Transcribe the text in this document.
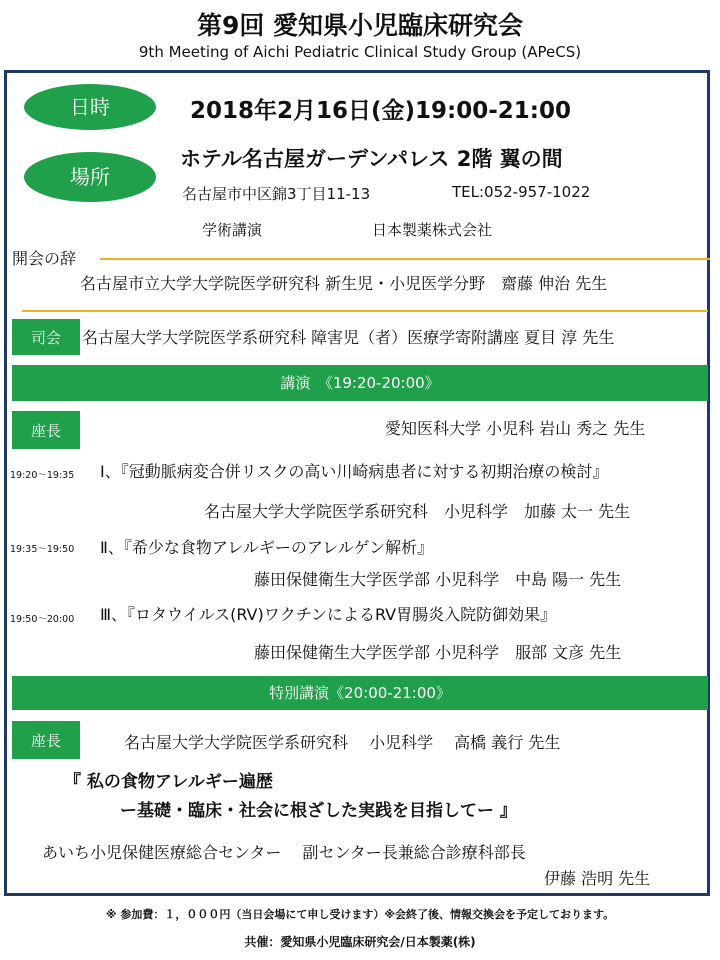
第9回 愛知県小児臨床研究会
9th Meeting of Aichi Pediatric Clinical Study Group (APeCS)
日時	2018年2月16日(金)19:00-21:00
場所
ホテル名古屋ガーデンパレス 2階 翼の間
名古屋市中区錦3丁目11-13	TEL:052-957-1022
学術講演	日本製薬株式会社
開会の辞
名古屋市立大学大学院医学研究科 新生児・小児医学分野　齋藤 伸治 先生
司会 名古屋大学大学院医学系研究科 障害児（者）医療学寄附講座 夏目 淳 先生
講演　《19:20-20:00》
座長	愛知医科大学 小児科 岩山 秀之 先生
19:20～19:35 Ⅰ、『冠動脈病変合併リスクの高い川崎病患者に対する初期治療の検討』
名古屋大学大学院医学系研究科　小児科学　加藤 太一 先生
19:35～19:50 Ⅱ、『希少な食物アレルギーのアレルゲン解析』
藤田保健衛生大学医学部 小児科学　中島 陽一 先生
19:50～20:00 Ⅲ、『ロタウイルス(RV)ワクチンによるRV胃腸炎入院防御効果』
藤田保健衛生大学医学部 小児科学　服部 文彦 先生
特別講演《20:00-21:00》
座長	名古屋大学大学院医学系研究科　 小児科学　 高橋 義行 先生
『 私の食物アレルギー遍歴
ー基礎・臨床・社会に根ざした実践を目指してー 』
あいち小児保健医療総合センター　 副センター長兼総合診療科部長
伊藤 浩明 先生
※ 参加費：１，０００円（当日会場にて申し受けます）※会終了後、情報交換会を予定しております。
共催：愛知県小児臨床研究会/日本製薬(株)
